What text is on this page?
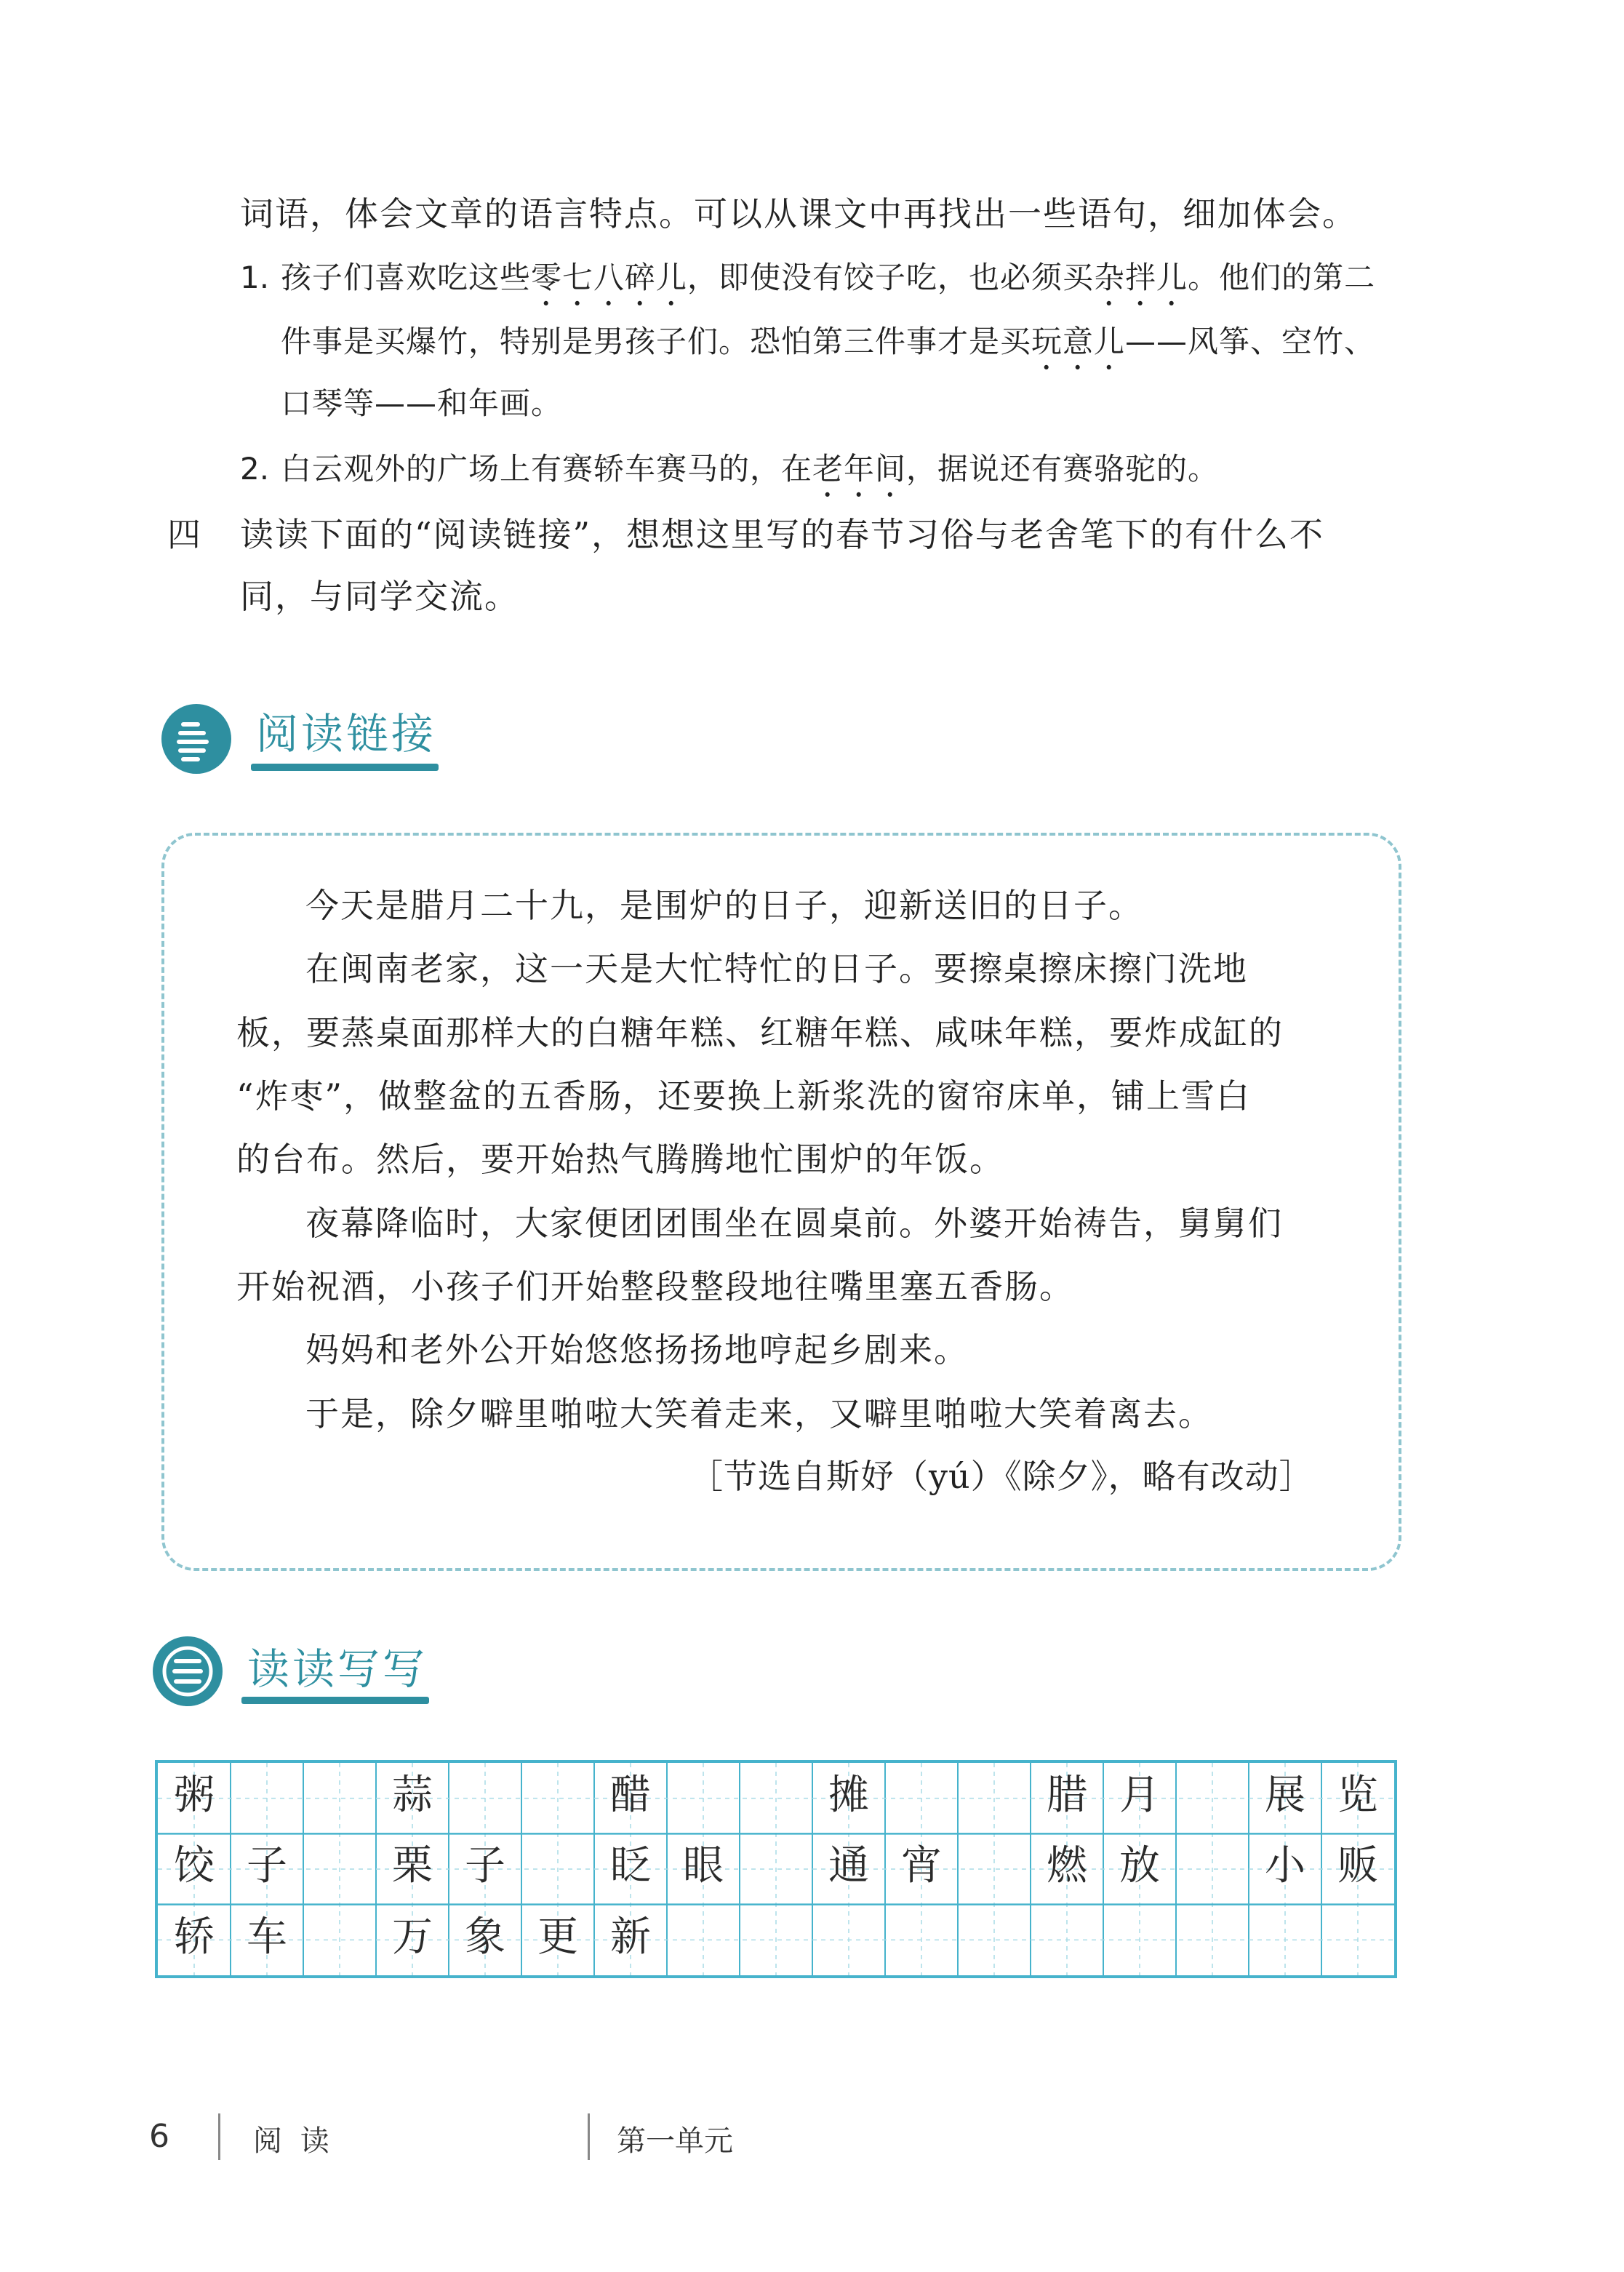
词语，体会文章的语言特点。可以从课文中再找出一些语句，细加体会。
1. 孩子们喜欢吃这些零七八碎儿，即使没有饺子吃，也必须买杂拌儿。他们的第二
件事是买爆竹，特别是男孩子们。恐怕第三件事才是买玩意儿——风筝、空竹、
口琴等——和年画。
2. 白云观外的广场上有赛轿车赛马的，在老年间，据说还有赛骆驼的。
四 读读下面的“阅读链接”，想想这里写的春节习俗与老舍笔下的有什么不
同，与同学交流。
阅读链接
今天是腊月二十九，是围炉的日子，迎新送旧的日子。
在闽南老家，这一天是大忙特忙的日子。要擦桌擦床擦门洗地
板，要蒸桌面那样大的白糖年糕、红糖年糕、咸味年糕，要炸成缸的
“炸枣”，做整盆的五香肠，还要换上新浆洗的窗帘床单，铺上雪白
的台布。然后，要开始热气腾腾地忙围炉的年饭。
夜幕降临时，大家便团团围坐在圆桌前。外婆开始祷告，舅舅们
开始祝酒，小孩子们开始整段整段地往嘴里塞五香肠。
妈妈和老外公开始悠悠扬扬地哼起乡剧来。
于是，除夕噼里啪啦大笑着走来，又噼里啪啦大笑着离去。
［节选自斯妤（yú）《除夕》，略有改动］
读读写写
粥	蒜	醋	摊	腊 月	展 览
饺 子	栗 子	眨 眼	通 宵	燃 放	小 贩
轿 车	万 象 更 新
6	阅 读	第一单元
